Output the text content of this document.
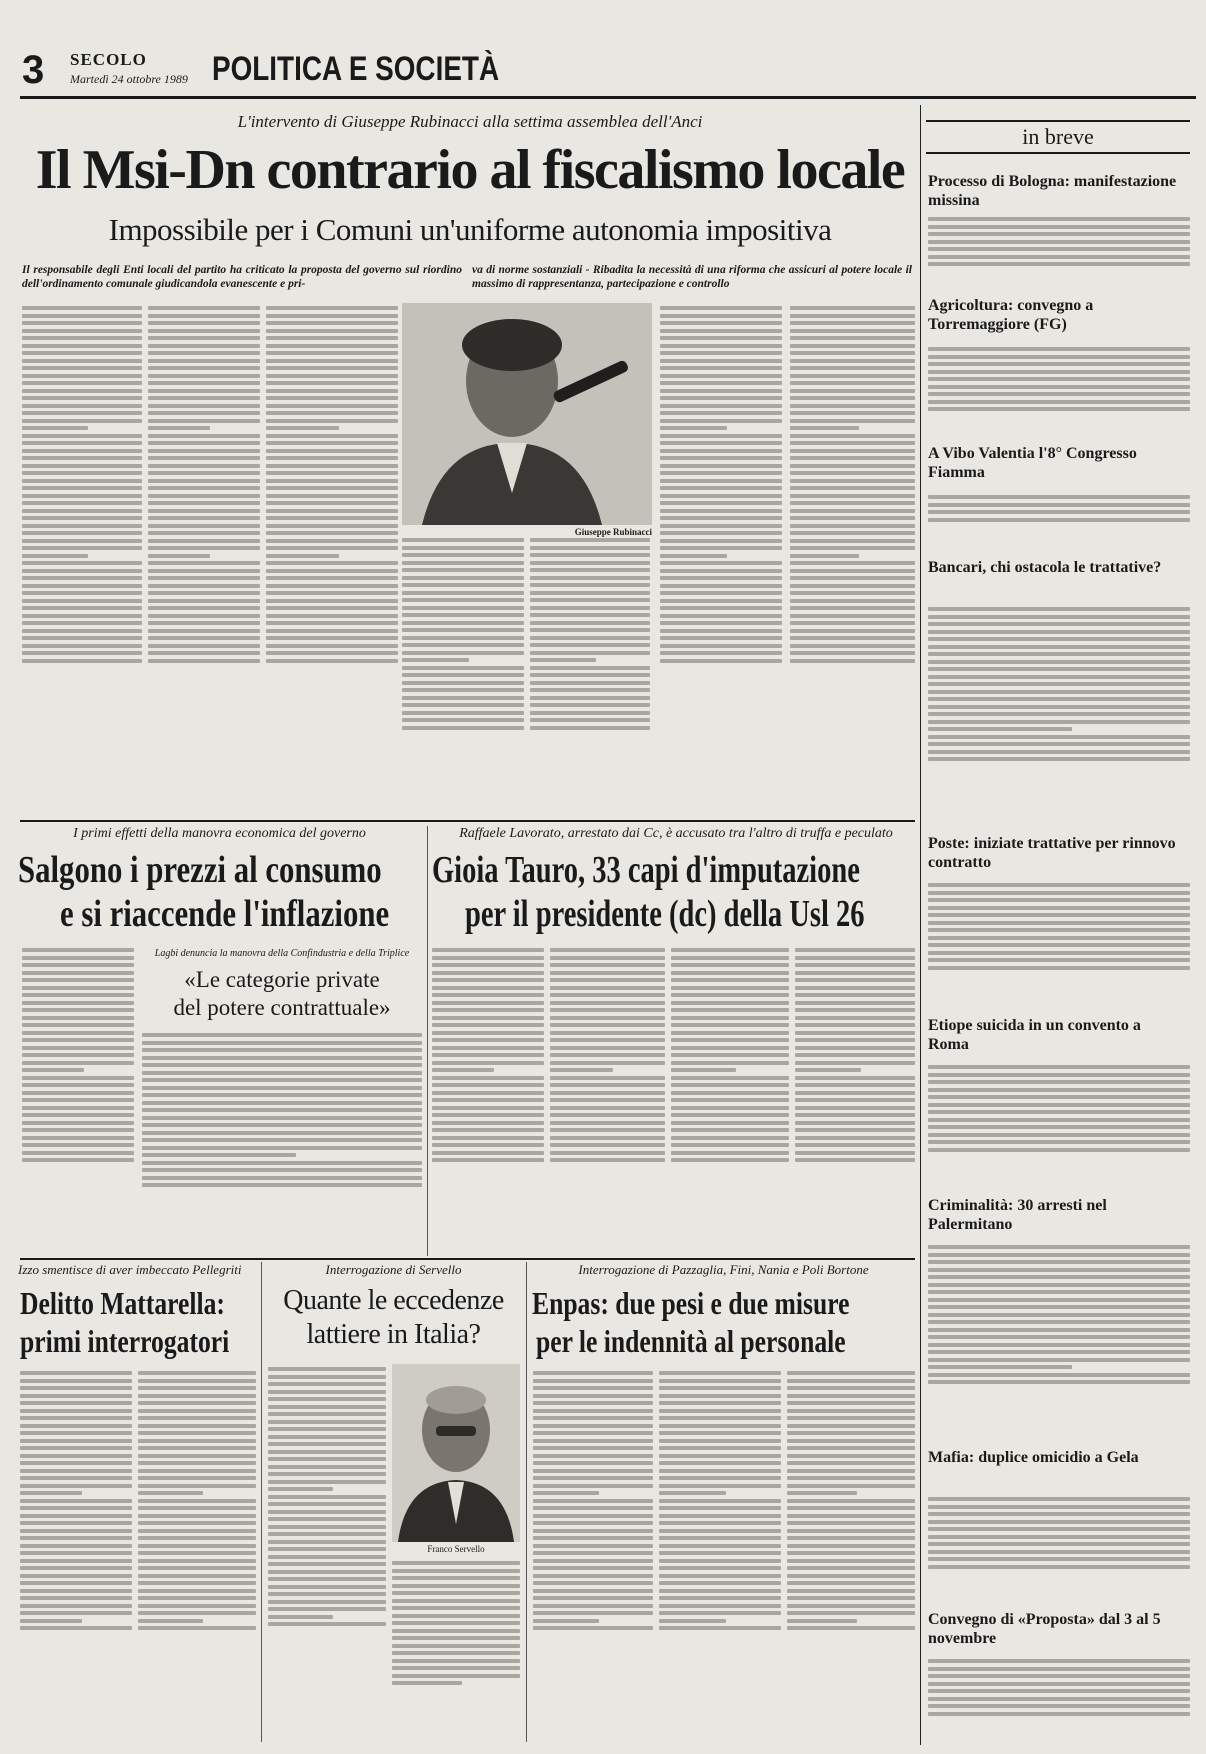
3 SECOLO
Martedì 24 ottobre 1989 POLITICA E SOCIETÀ
L'intervento di Giuseppe Rubinacci alla settima assemblea dell'Anci
Il Msi-Dn contrario al fiscalismo locale
Impossibile per i Comuni un'uniforme autonomia impositiva
Il responsabile degli Enti locali del partito ha criticato la proposta del governo sul riordino dell'ordinamento comunale giudicandola evanescente e pri-
va di norme sostanziali - Ribadita la necessità di una riforma che assicuri al potere locale il massimo di rappresentanza, partecipazione e controllo
Giuseppe Rubinacci
I primi effetti della manovra economica del governo
Salgono i prezzi al consumo
e si riaccende l'inflazione
Lagbi denuncia la manovra della Confindustria e della Triplice
«Le categorie private
del potere contrattuale»
Raffaele Lavorato, arrestato dai Cc, è accusato tra l'altro di truffa e peculato
Gioia Tauro, 33 capi d'imputazione
per il presidente (dc) della Usl 26
Izzo smentisce di aver imbeccato Pellegriti
Delitto Mattarella:
primi interrogatori
Interrogazione di Servello
Quante le eccedenze
lattiere in Italia?
Franco Servello
Interrogazione di Pazzaglia, Fini, Nania e Poli Bortone
Enpas: due pesi e due misure
per le indennità al personale
in breve
Processo di Bologna: manifestazione missina
Agricoltura: convegno a Torremaggiore (FG)
A Vibo Valentia l'8° Congresso Fiamma
Bancari, chi ostacola le trattative?
Poste: iniziate trattative per rinnovo contratto
Etiope suicida in un convento a Roma
Criminalità: 30 arresti nel Palermitano
Mafia: duplice omicidio a Gela
Convegno di «Proposta» dal 3 al 5 novembre
